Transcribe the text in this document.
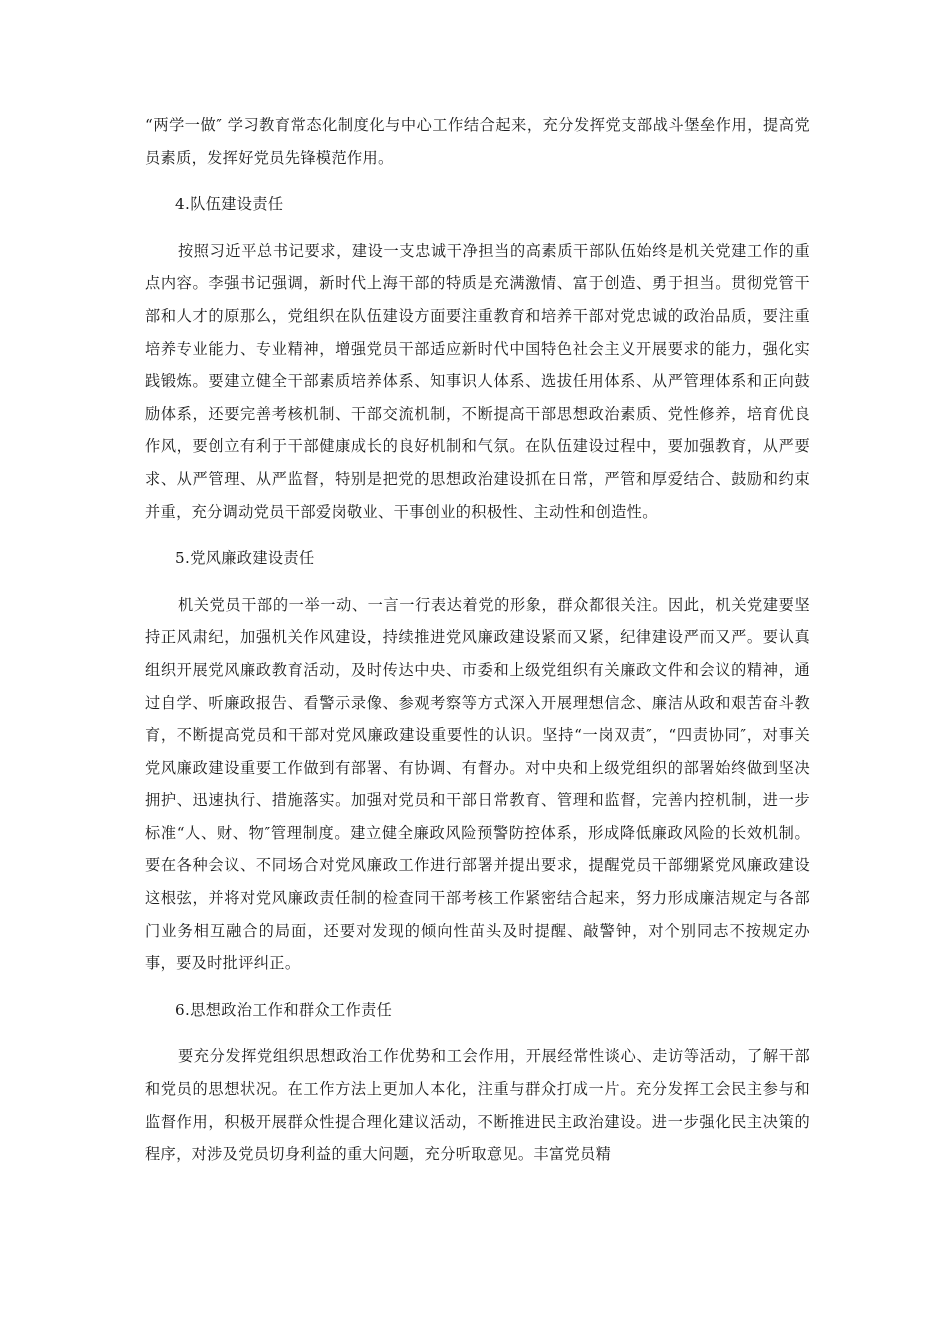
“两学一做″ 学习教育常态化制度化与中心工作结合起来，充分发挥党支部战斗堡垒作用，提高党员素质，发挥好党员先锋模范作用。

4.队伍建设责任

按照习近平总书记要求，建设一支忠诚干净担当的高素质干部队伍始终是机关党建工作的重点内容。李强书记强调，新时代上海干部的特质是充满激情、富于创造、勇于担当。贯彻党管干部和人才的原那么，党组织在队伍建设方面要注重教育和培养干部对党忠诚的政治品质，要注重培养专业能力、专业精神，增强党员干部适应新时代中国特色社会主义开展要求的能力，强化实践锻炼。要建立健全干部素质培养体系、知事识人体系、选拔任用体系、从严管理体系和正向鼓励体系，还要完善考核机制、干部交流机制，不断提高干部思想政治素质、党性修养，培育优良作风，要创立有利于干部健康成长的良好机制和气氛。在队伍建设过程中，要加强教育，从严要求、从严管理、从严监督，特别是把党的思想政治建设抓在日常，严管和厚爱结合、鼓励和约束并重，充分调动党员干部爱岗敬业、干事创业的积极性、主动性和创造性。

5.党风廉政建设责任

机关党员干部的一举一动、一言一行表达着党的形象，群众都很关注。因此，机关党建要坚持正风肃纪，加强机关作风建设，持续推进党风廉政建设紧而又紧，纪律建设严而又严。要认真组织开展党风廉政教育活动，及时传达中央、市委和上级党组织有关廉政文件和会议的精神，通过自学、听廉政报告、看警示录像、参观考察等方式深入开展理想信念、廉洁从政和艰苦奋斗教育，不断提高党员和干部对党风廉政建设重要性的认识。坚持“一岗双责″，“四责协同″，对事关党风廉政建设重要工作做到有部署、有协调、有督办。对中央和上级党组织的部署始终做到坚决拥护、迅速执行、措施落实。加强对党员和干部日常教育、管理和监督，完善内控机制，进一步标准“人、财、物″管理制度。建立健全廉政风险预警防控体系，形成降低廉政风险的长效机制。要在各种会议、不同场合对党风廉政工作进行部署并提出要求，提醒党员干部绷紧党风廉政建设这根弦，并将对党风廉政责任制的检查同干部考核工作紧密结合起来，努力形成廉洁规定与各部门业务相互融合的局面，还要对发现的倾向性苗头及时提醒、敲警钟，对个别同志不按规定办事，要及时批评纠正。

6.思想政治工作和群众工作责任

要充分发挥党组织思想政治工作优势和工会作用，开展经常性谈心、走访等活动，了解干部和党员的思想状况。在工作方法上更加人本化，注重与群众打成一片。充分发挥工会民主参与和监督作用，积极开展群众性提合理化建议活动，不断推进民主政治建设。进一步强化民主决策的程序，对涉及党员切身利益的重大问题，充分听取意见。丰富党员精
